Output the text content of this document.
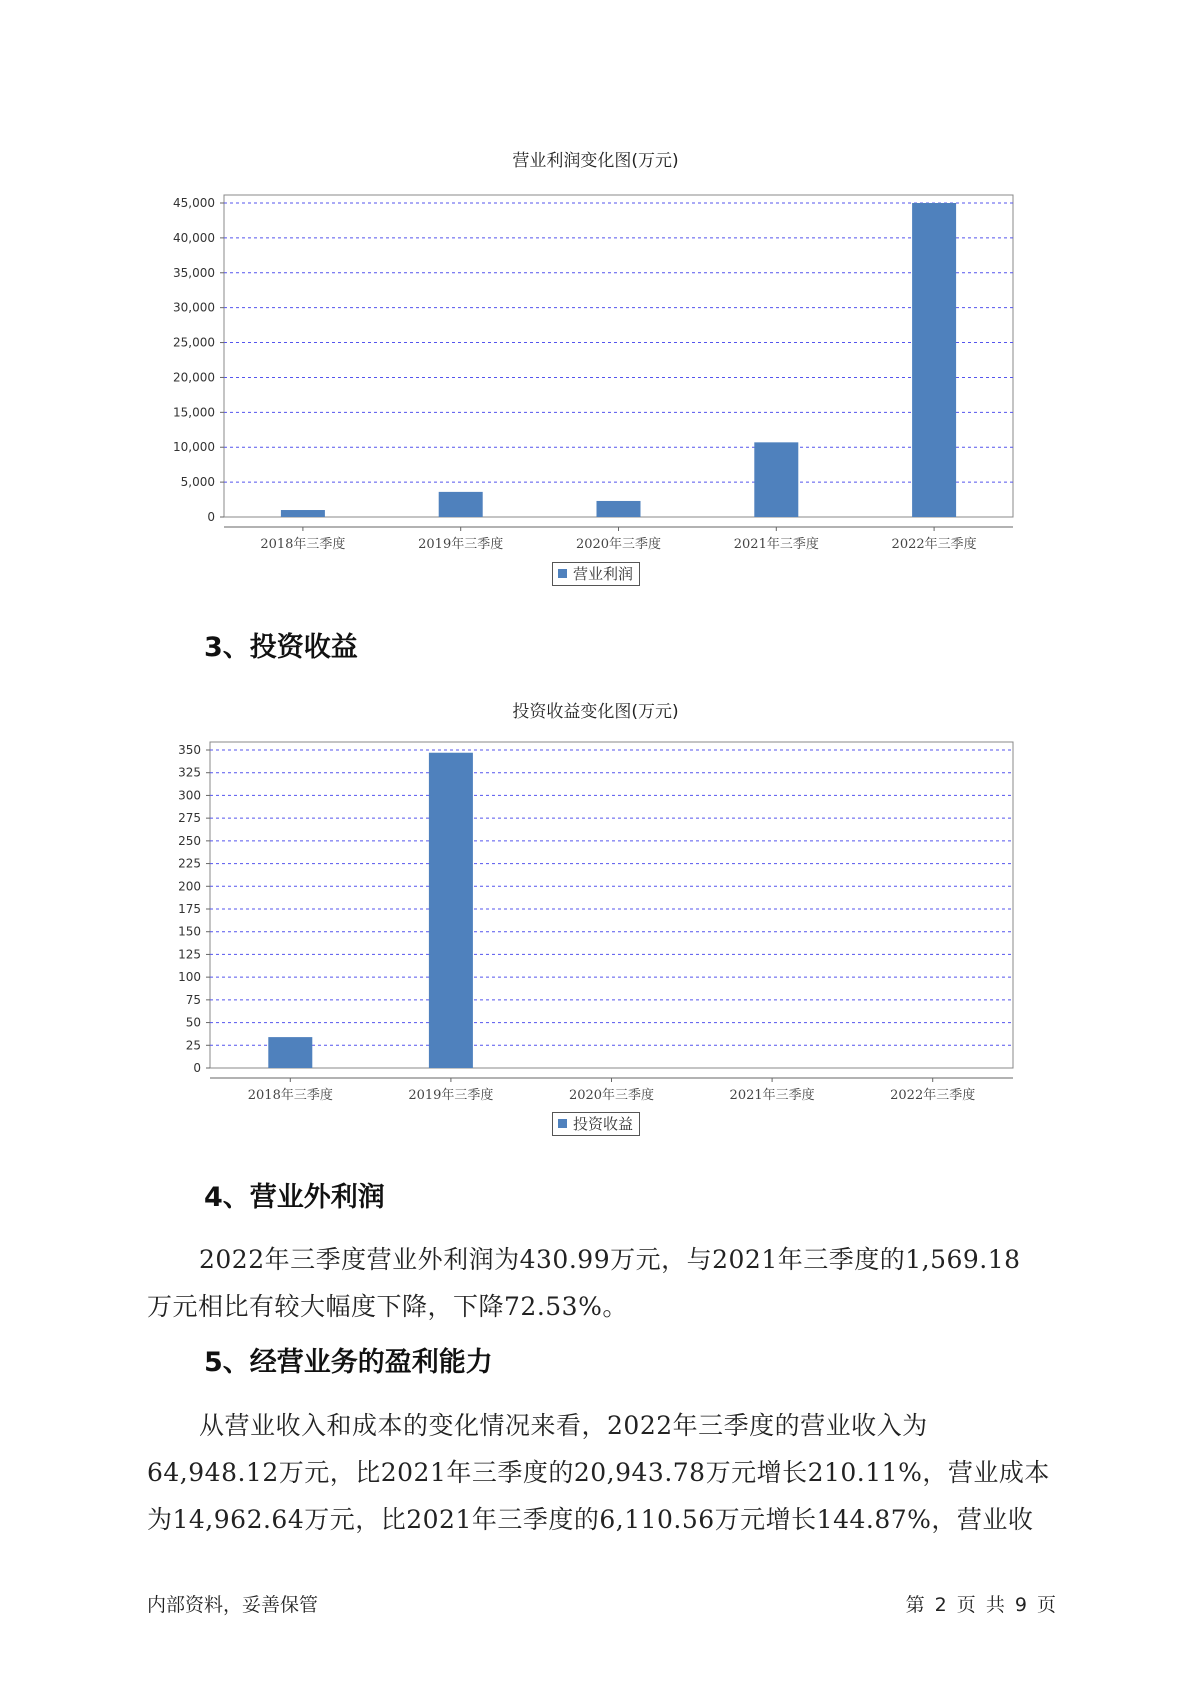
营业利润变化图(万元)
0
5,000
10,000
15,000
20,000
25,000
30,000
35,000
40,000
45,000
2018年三季度	2019年三季度	2020年三季度	2021年三季度	2022年三季度
营业利润
3、投资收益
投资收益变化图(万元)
0
25
50
75
100
125
150
175
200
225
250
275
300
325
350
2018年三季度	2019年三季度	2020年三季度	2021年三季度	2022年三季度
投资收益
4、营业外利润

2022年三季度营业外利润为430.99万元，与2021年三季度的1,569.18
万元相比有较大幅度下降，下降72.53%。

5、经营业务的盈利能力

从营业收入和成本的变化情况来看，2022年三季度的营业收入为
64,948.12万元，比2021年三季度的20,943.78万元增长210.11%，营业成本
为14,962.64万元，比2021年三季度的6,110.56万元增长144.87%，营业收

内部资料，妥善保管	第 2 页 共 9 页
